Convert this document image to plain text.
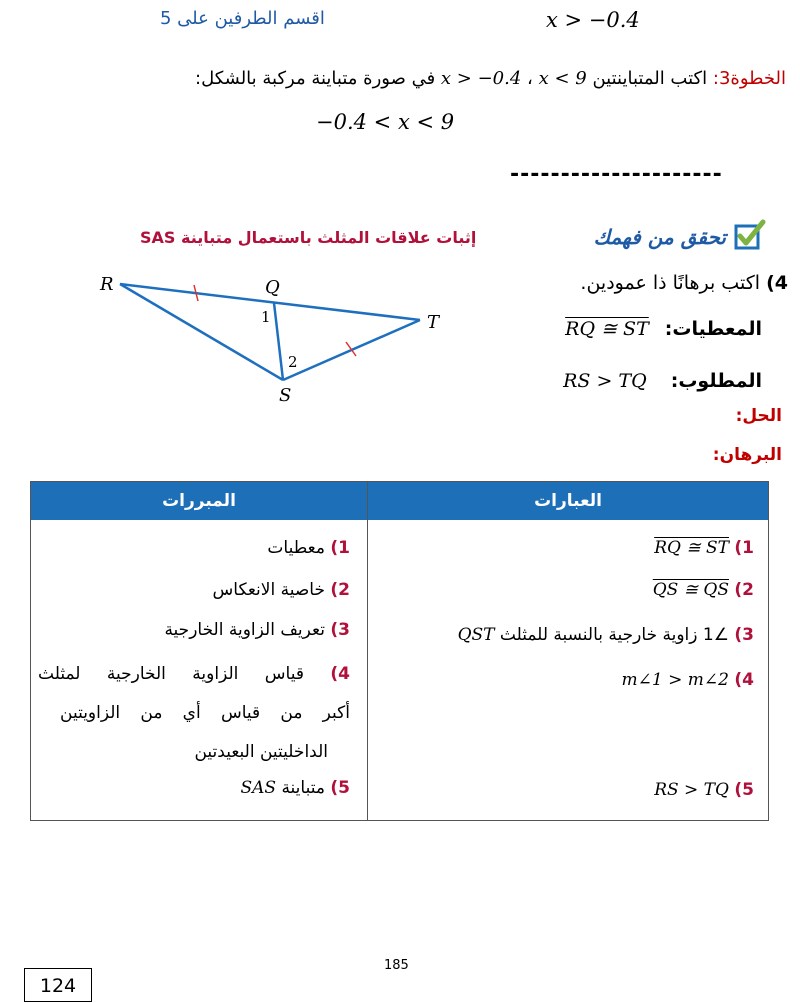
اقسم الطرفين على 5	x > −0.4
الخطوة3: اكتب المتباينتين x < 9 ، x > −0.4 في صورة متباينة مركبة بالشكل:
−0.4 < x < 9
---------------------
تحقق من فهمك
إثبات علاقات المثلث باستعمال متباينة SAS
R	Q
T
S
1
2
4) اكتب برهانًا ذا عمودين.
المعطيات: RQ ≅ ST
المطلوب: RS > TQ
الحل:
البرهان:
العبارات
المبررات
1) RQ ≅ ST
2) QS ≅ QS
3) ∠1 زاوية خارجية بالنسبة للمثلث QST
4) m∠1 > m∠2
5) RS > TQ
1) معطيات
2) خاصية الانعكاس
3) تعريف الزاوية الخارجية
4) قياس الزاوية الخارجية لمثلث
أكبر من قياس أي من الزاويتين
الداخليتين البعيدتين
5) متباينة SAS
185
124
